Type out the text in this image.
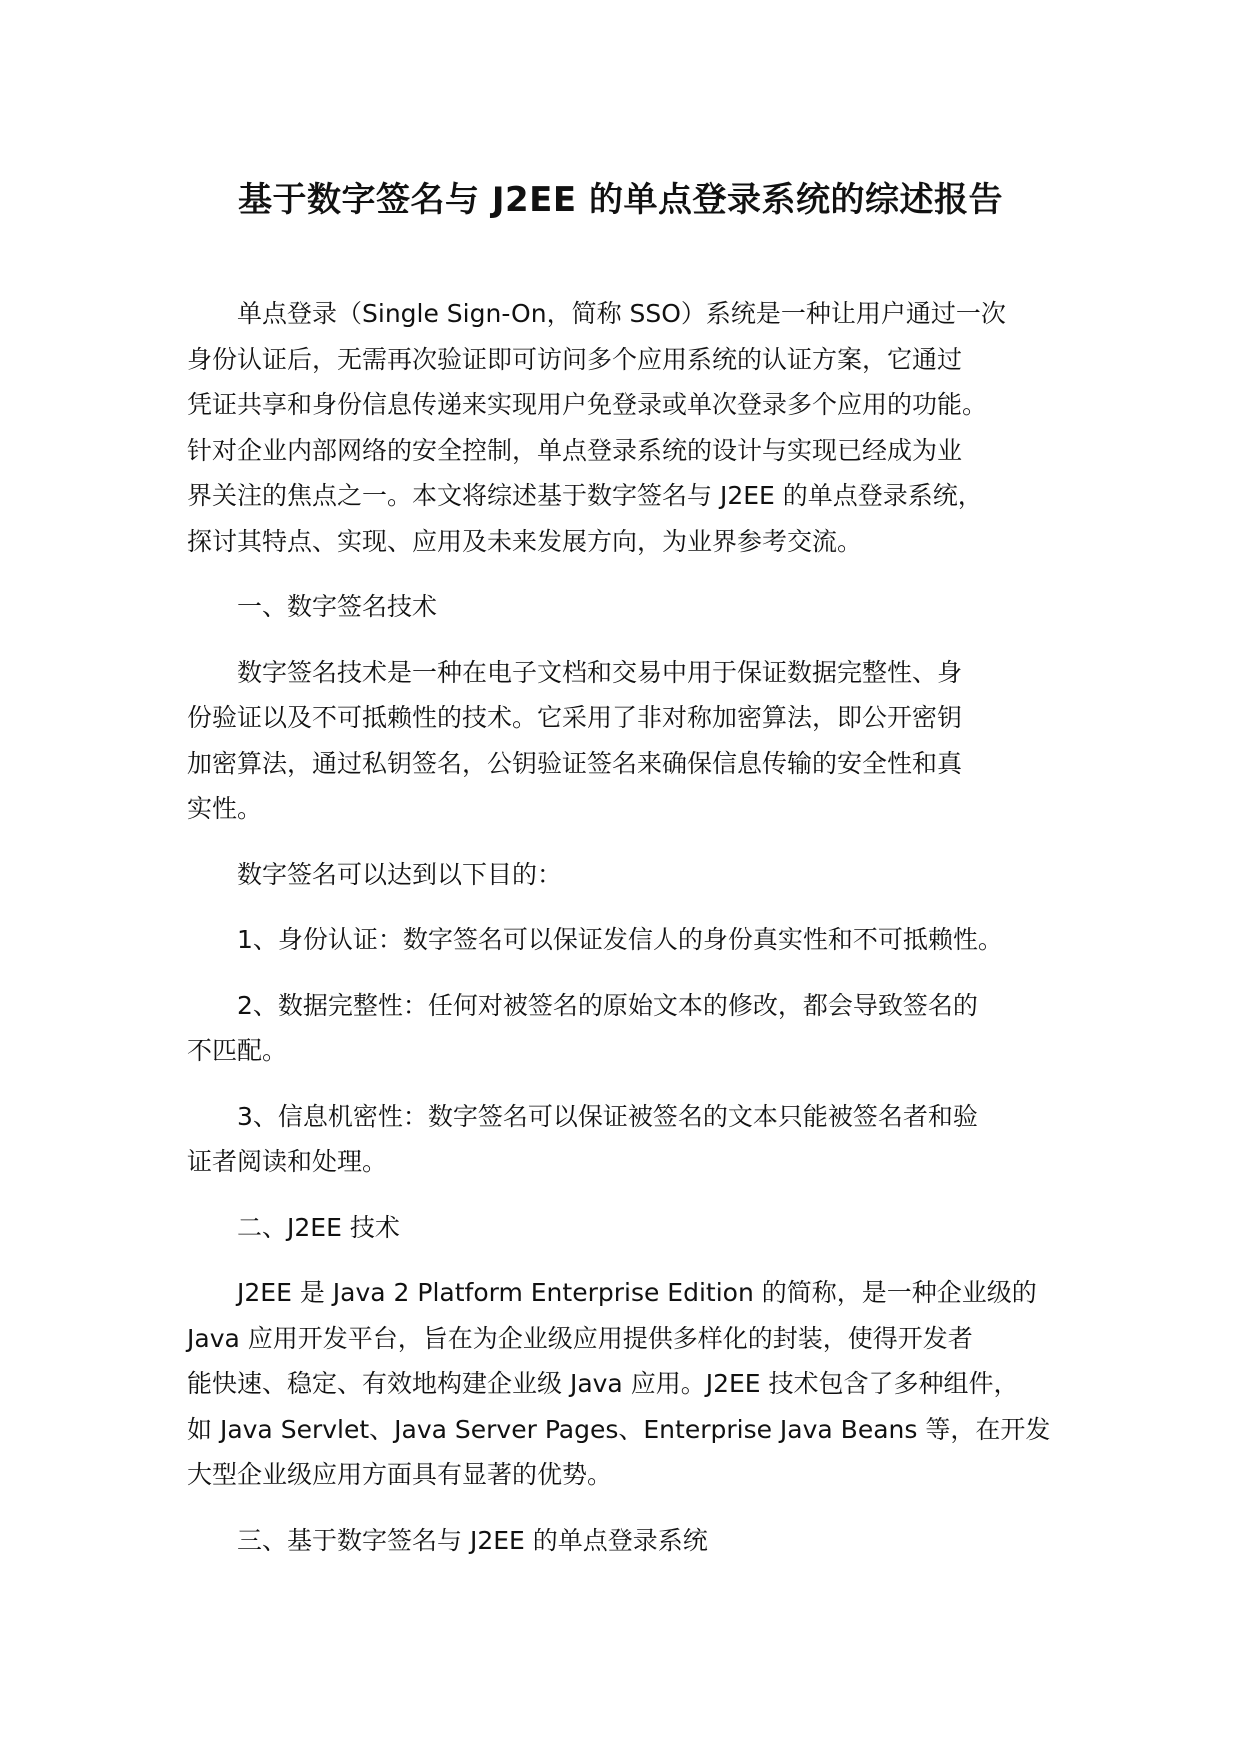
基于数字签名与 J2EE 的单点登录系统的综述报告
单点登录（Single Sign-On，简称 SSO）系统是一种让用户通过一次
身份认证后，无需再次验证即可访问多个应用系统的认证方案，它通过
凭证共享和身份信息传递来实现用户免登录或单次登录多个应用的功能。
针对企业内部网络的安全控制，单点登录系统的设计与实现已经成为业
界关注的焦点之一。本文将综述基于数字签名与 J2EE 的单点登录系统，
探讨其特点、实现、应用及未来发展方向，为业界参考交流。
一、数字签名技术
数字签名技术是一种在电子文档和交易中用于保证数据完整性、身
份验证以及不可抵赖性的技术。它采用了非对称加密算法，即公开密钥
加密算法，通过私钥签名，公钥验证签名来确保信息传输的安全性和真
实性。
数字签名可以达到以下目的：
1、身份认证：数字签名可以保证发信人的身份真实性和不可抵赖性。
2、数据完整性：任何对被签名的原始文本的修改，都会导致签名的
不匹配。
3、信息机密性：数字签名可以保证被签名的文本只能被签名者和验
证者阅读和处理。
二、J2EE 技术
J2EE 是 Java 2 Platform Enterprise Edition 的简称，是一种企业级的
Java 应用开发平台，旨在为企业级应用提供多样化的封装，使得开发者
能快速、稳定、有效地构建企业级 Java 应用。J2EE 技术包含了多种组件，
如 Java Servlet、Java Server Pages、Enterprise Java Beans 等，在开发
大型企业级应用方面具有显著的优势。
三、基于数字签名与 J2EE 的单点登录系统
